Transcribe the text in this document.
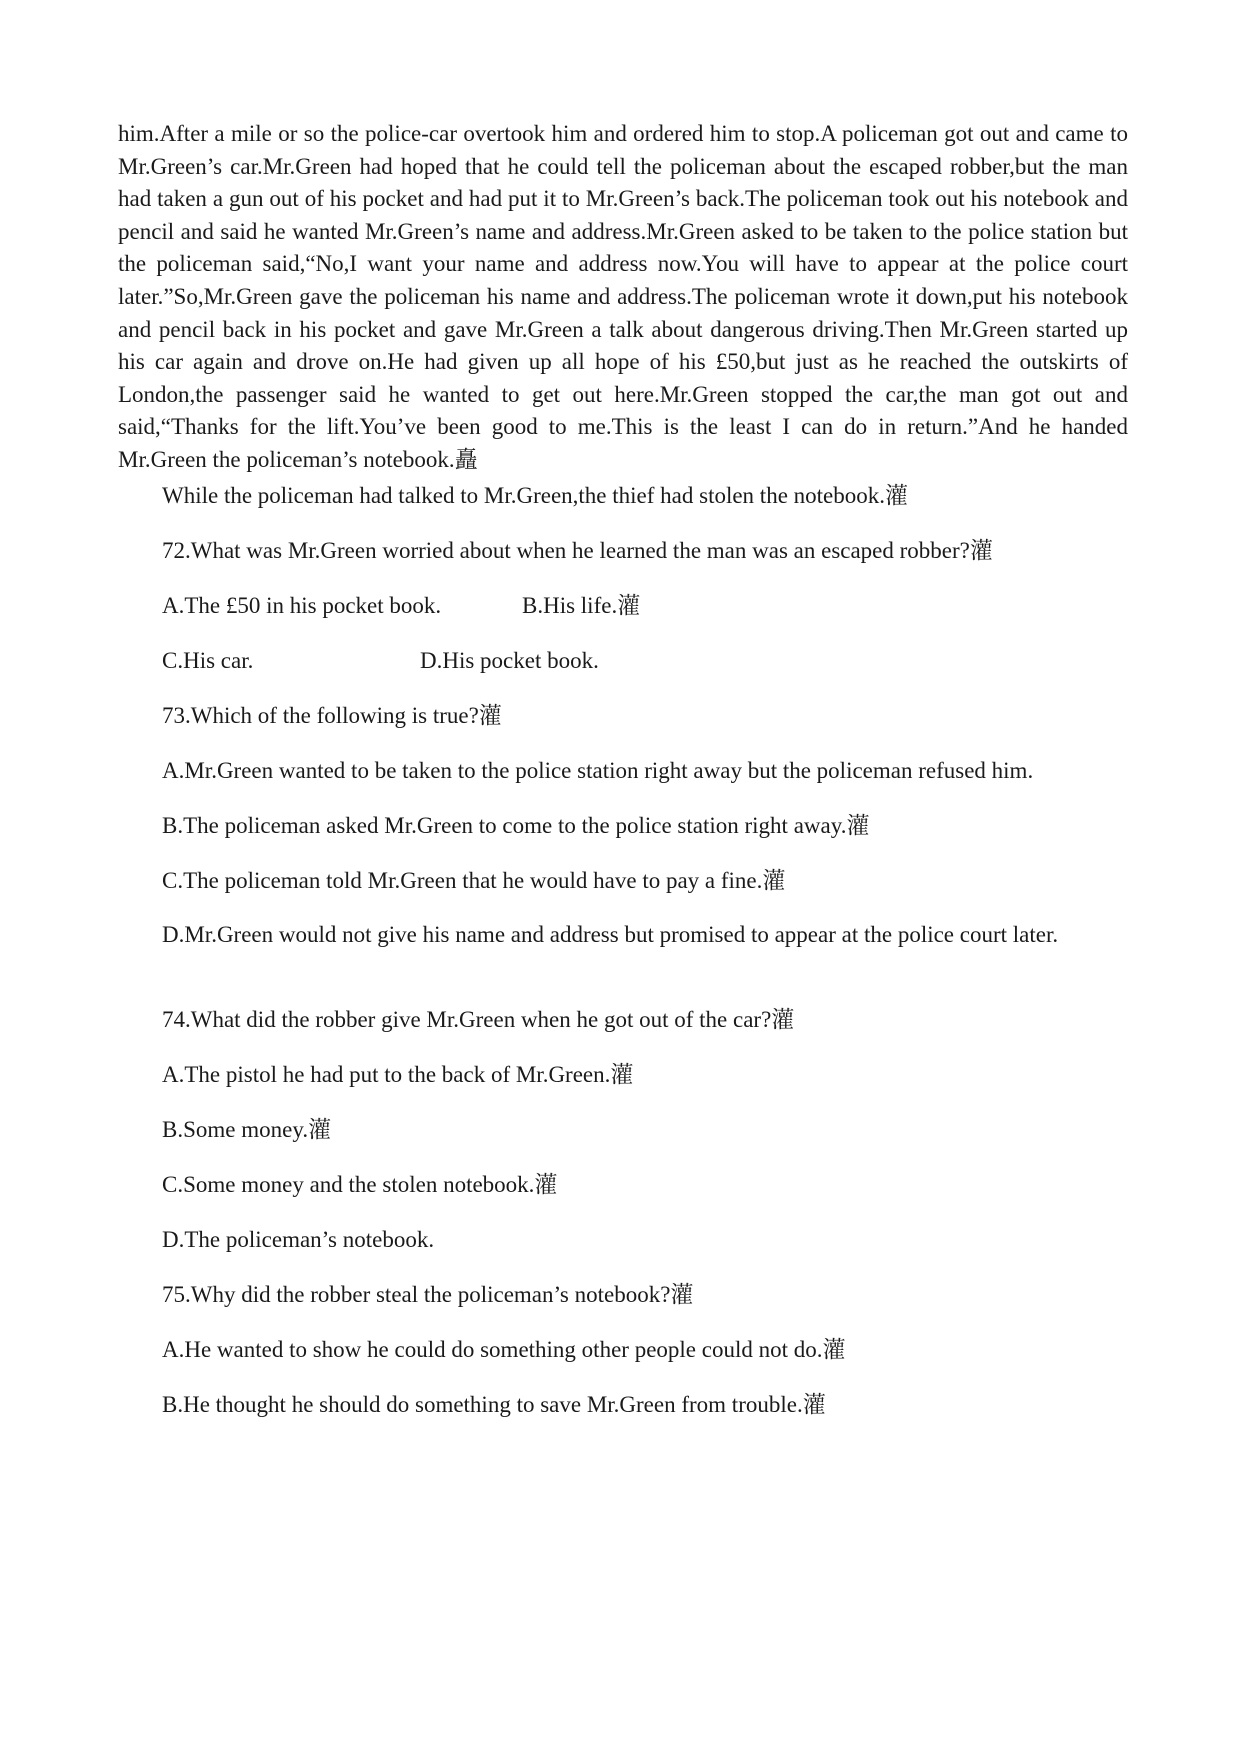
him.After a mile or so the police-car overtook him and ordered him to stop.A policeman got out and came to Mr.Green’s car.Mr.Green had hoped that he could tell the policeman about the escaped robber,but the man had taken a gun out of his pocket and had put it to Mr.Green’s back.The policeman took out his notebook and pencil and said he wanted Mr.Green’s name and address.Mr.Green asked to be taken to the police station but the policeman said,“No,I want your name and address now.You will have to appear at the police court later.”So,Mr.Green gave the policeman his name and address.The policeman wrote it down,put his notebook and pencil back in his pocket and gave Mr.Green a talk about dangerous driving.Then Mr.Green started up his car again and drove on.He had given up all hope of his £50,but just as he reached the outskirts of London,the passenger said he wanted to get out here.Mr.Green stopped the car,the man got out and said,“Thanks for the lift.You’ve been good to me.This is the least I can do in return.”And he handed Mr.Green the policeman’s notebook.矗

While the policeman had talked to Mr.Green,the thief had stolen the notebook.灌
72.What was Mr.Green worried about when he learned the man was an escaped robber?灌
A.The £50 in his pocket book.	B.His life.灌
C.His car.	D.His pocket book.
73.Which of the following is true?灌
A.Mr.Green wanted to be taken to the police station right away but the policeman refused him.
B.The policeman asked Mr.Green to come to the police station right away.灌
C.The policeman told Mr.Green that he would have to pay a fine.灌
D.Mr.Green would not give his name and address but promised to appear at the police court later.
74.What did the robber give Mr.Green when he got out of the car?灌
A.The pistol he had put to the back of Mr.Green.灌
B.Some money.灌
C.Some money and the stolen notebook.灌
D.The policeman’s notebook.
75.Why did the robber steal the policeman’s notebook?灌
A.He wanted to show he could do something other people could not do.灌
B.He thought he should do something to save Mr.Green from trouble.灌
